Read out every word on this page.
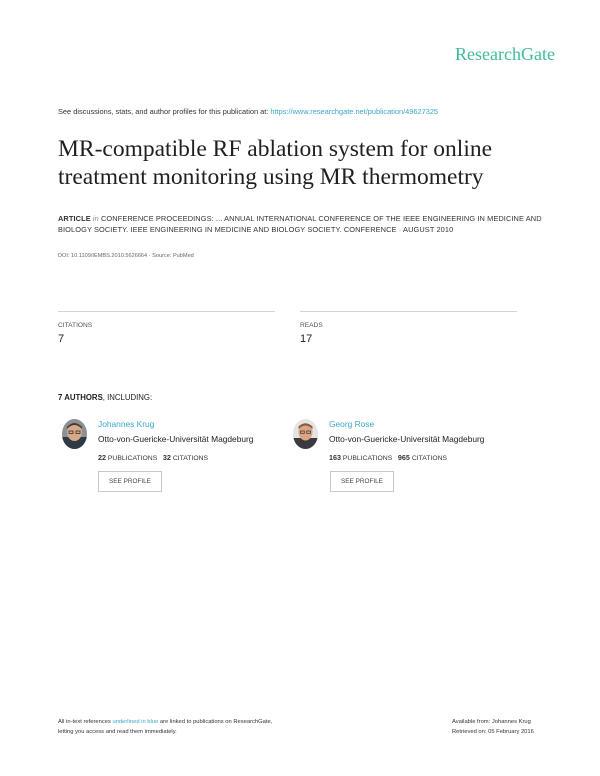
ResearchGate
See discussions, stats, and author profiles for this publication at: https://www.researchgate.net/publication/49627325
MR-compatible RF ablation system for online treatment monitoring using MR thermometry
ARTICLE in CONFERENCE PROCEEDINGS: ... ANNUAL INTERNATIONAL CONFERENCE OF THE IEEE ENGINEERING IN MEDICINE AND BIOLOGY SOCIETY. IEEE ENGINEERING IN MEDICINE AND BIOLOGY SOCIETY. CONFERENCE · AUGUST 2010
DOI: 10.1109/IEMBS.2010.5626664 · Source: PubMed
CITATIONS
7
READS
17
7 AUTHORS, INCLUDING:
Johannes Krug
Otto-von-Guericke-Universität Magdeburg
22 PUBLICATIONS 32 CITATIONS
SEE PROFILE
Georg Rose
Otto-von-Guericke-Universität Magdeburg
163 PUBLICATIONS 965 CITATIONS
SEE PROFILE
All in-text references underlined in blue are linked to publications on ResearchGate,
letting you access and read them immediately.
Available from: Johannes Krug
Retrieved on: 05 February 2016
